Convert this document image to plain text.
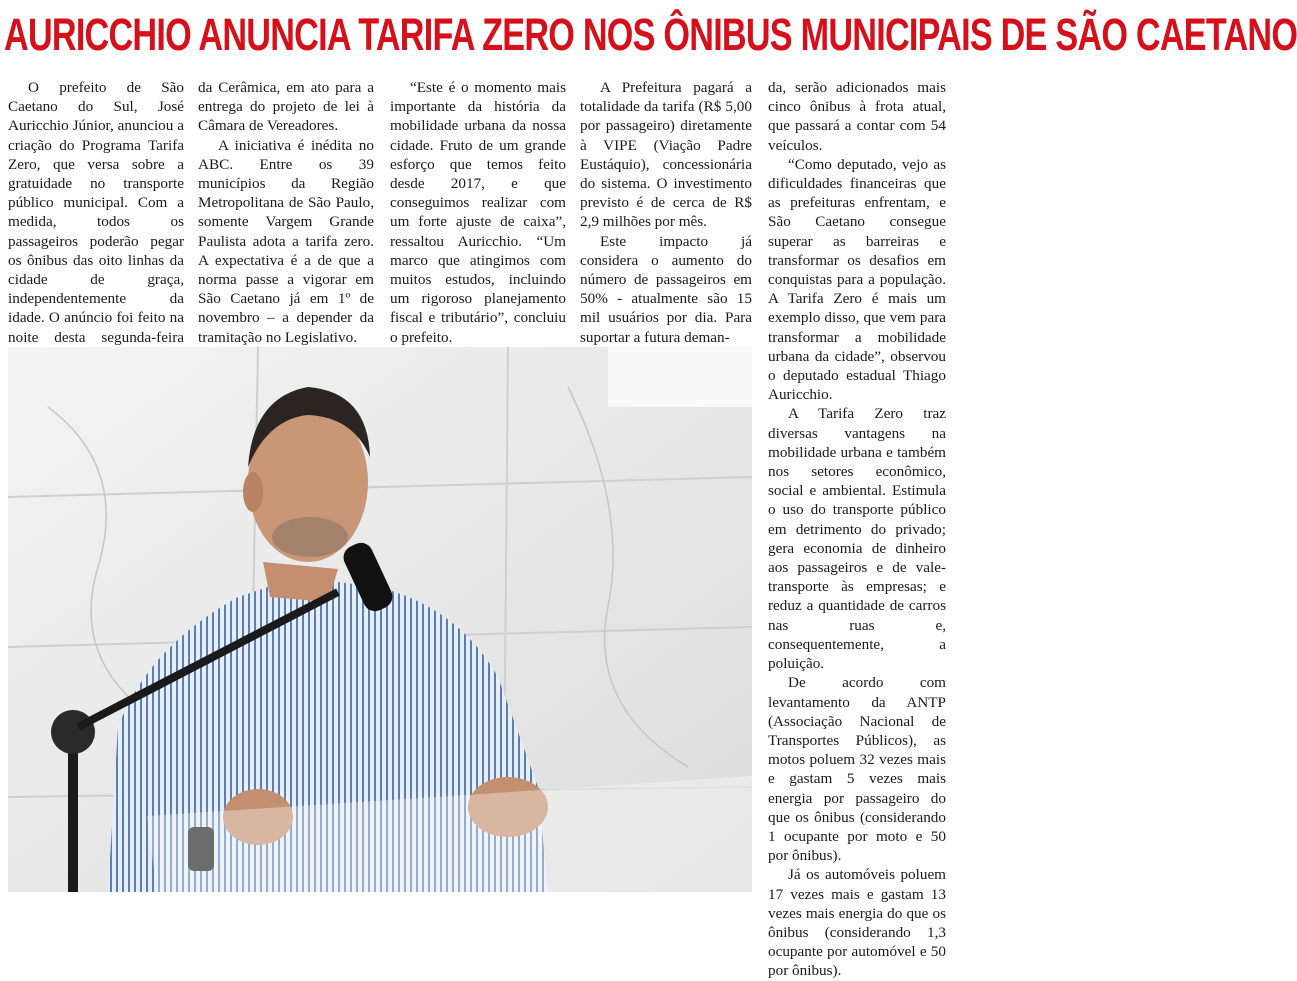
AURICCHIO ANUNCIA TARIFA ZERO NOS ÔNIBUS MUNICIPAIS DE SÃO CAETANO

O prefeito de São Caetano do Sul, José Auricchio Júnior, anunciou a criação do Programa Tarifa Zero, que versa sobre a gratuidade no transporte público municipal. Com a medida, todos os passageiros poderão pegar os ônibus das oito linhas da cidade de graça, independentemente da idade. O anúncio foi feito na noite desta segunda-feira

da Cerâmica, em ato para a entrega do projeto de lei à Câmara de Vereadores.

A iniciativa é inédita no ABC. Entre os 39 municípios da Região Metropolitana de São Paulo, somente Vargem Grande Paulista adota a tarifa zero. A expectativa é a de que a norma passe a vigorar em São Caetano já em 1º de novembro – a depender da tramitação no Legislativo.

“Este é o momento mais importante da história da mobilidade urbana da nossa cidade. Fruto de um grande esforço que temos feito desde 2017, e que conseguimos realizar com um forte ajuste de caixa”, ressaltou Auricchio. “Um marco que atingimos com muitos estudos, incluindo um rigoroso planejamento fiscal e tributário”, concluiu o prefeito.

A Prefeitura pagará a totalidade da tarifa (R$ 5,00 por passageiro) diretamente à VIPE (Viação Padre Eustáquio), concessionária do sistema. O investimento previsto é de cerca de R$ 2,9 milhões por mês.

Este impacto já considera o aumento do número de passageiros em 50% - atualmente são 15 mil usuários por dia. Para suportar a futura deman-

da, serão adicionados mais cinco ônibus à frota atual, que passará a contar com 54 veículos.

“Como deputado, vejo as dificuldades financeiras que as prefeituras enfrentam, e São Caetano consegue superar as barreiras e transformar os desafios em conquistas para a população. A Tarifa Zero é mais um exemplo disso, que vem para transformar a mobilidade urbana da cidade”, observou o deputado estadual Thiago Auricchio.

A Tarifa Zero traz diversas vantagens na mobilidade urbana e também nos setores econômico, social e ambiental. Estimula o uso do transporte público em detrimento do privado; gera economia de dinheiro aos passageiros e de vale-transporte às empresas; e reduz a quantidade de carros nas ruas e, consequentemente, a poluição.

De acordo com levantamento da ANTP (Associação Nacional de Transportes Públicos), as motos poluem 32 vezes mais e gastam 5 vezes mais energia por passageiro do que os ônibus (considerando 1 ocupante por moto e 50 por ônibus).

Já os automóveis poluem 17 vezes mais e gastam 13 vezes mais energia do que os ônibus (considerando 1,3 ocupante por automóvel e 50 por ônibus).
